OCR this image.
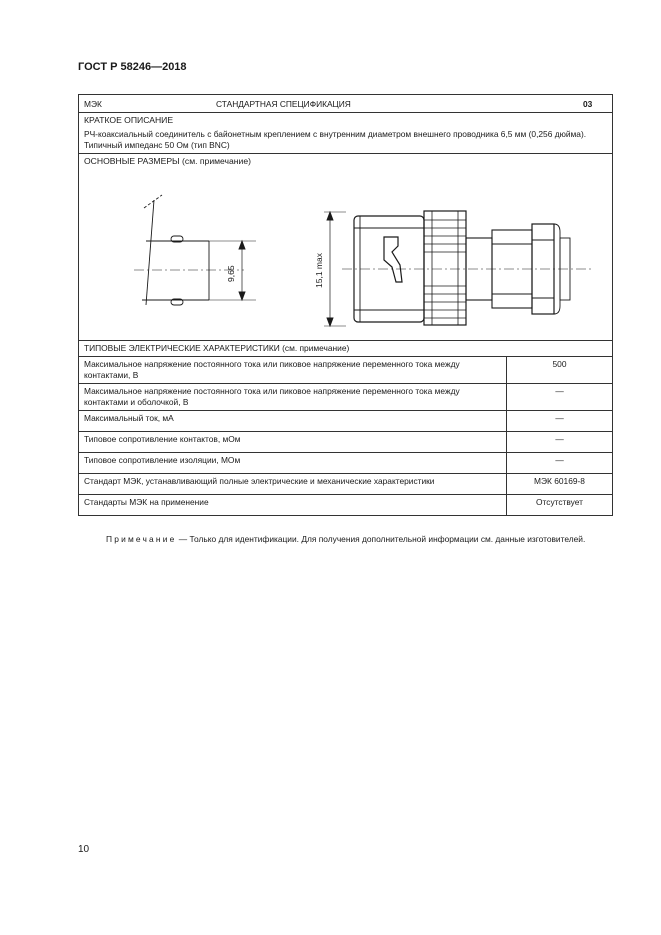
ГОСТ Р 58246—2018
МЭК СТАНДАРТНАЯ СПЕЦИФИКАЦИЯ 03	

КРАТКОЕ ОПИСАНИЕ
РЧ-коаксиальный соединитель с байонетным креплением с внутренним диаметром внешнего проводника 6,5 мм (0,256 дюйма). Типичный импеданс 50 Ом (тип BNC)	

ОСНОВНЫЕ РАЗМЕРЫ (см. примечание)
9,65 15,1 max	

ТИПОВЫЕ ЭЛЕКТРИЧЕСКИЕ ХАРАКТЕРИСТИКИ (см. примечание)	
Максимальное напряжение постоянного тока или пиковое напряжение переменного тока между контактами, В	500
Максимальное напряжение постоянного тока или пиковое напряжение переменного тока между контактами и оболочкой, В	—
Максимальный ток, мА	—
Типовое сопротивление контактов, мОм	—
Типовое сопротивление изоляции, МОм	—
Стандарт МЭК, устанавливающий полные электрические и механические характеристики	МЭК 60169-8
Стандарты МЭК на применение	Отсутствует
Примечание — Только для идентификации. Для получения дополнительной информации см. данные изготовителей.
10
